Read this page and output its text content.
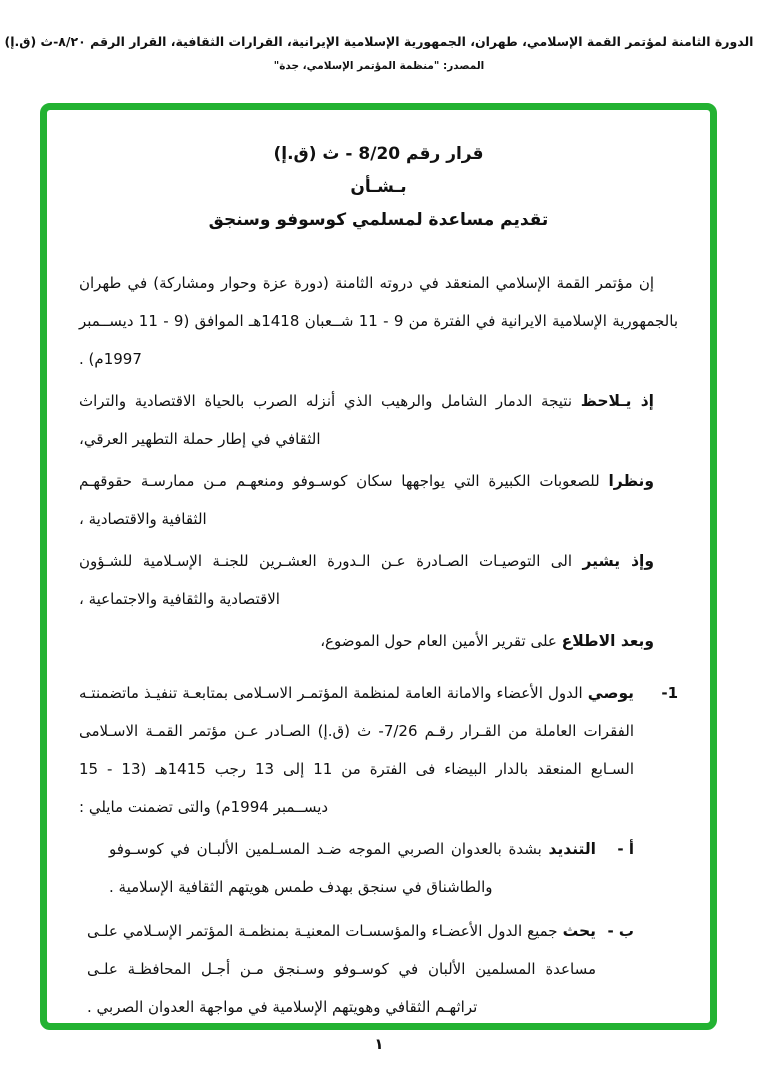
الدورة الثامنة لمؤتمر القمة الإسلامي، طهران، الجمهورية الإسلامية الإيرانية، القرارات الثقافية، القرار الرقم ٨/٢٠-ث (ق.إ)
المصدر: "منظمة المؤتمر الإسلامي، جدة"
قرار رقم 8/20 - ث (ق.إ)
بـشـأن
تقديم مساعدة لمسلمي كوسوفو وسنجق

إن مؤتمر القمة الإسلامي المنعقد في دروته الثامنة (دورة عزة وحوار ومشاركة) في طهران بالجمهورية الإسلامية الايرانية في الفترة من 9 - 11 شــعبان 1418هـ الموافق (9 - 11 ديســمبر 1997م) .

إذ يـلاحظ نتيجة الدمار الشامل والرهيب الذي أنزله الصرب بالحياة الاقتصادية والتراث الثقافي في إطار حملة التطهير العرقي،

ونظرا للصعوبات الكبيرة التي يواجهها سكان كوسـوفو ومنعهـم مـن ممارسـة حقوقهـم الثقافية والاقتصادية ،

وإذ يشير الى التوصيـات الصـادرة عـن الـدورة العشـرين للجنـة الإسـلامية للشـؤون الاقتصادية والثقافية والاجتماعية ،

وبعد الاطلاع على تقرير الأمين العام حول الموضوع،

1-

يوصي الدول الأعضاء والامانة العامة لمنظمة المؤتمـر الاسـلامى بمتابعـة تنفيـذ ماتضمنتـه الفقرات العاملة من القـرار رقـم 7/26- ث (ق.إ) الصـادر عـن مؤتمر القمـة الاسـلامى السـابع المنعقد بالدار البيضاء فى الفترة من 11 إلى 13 رجب 1415هـ (13 - 15 ديســمبر 1994م) والتى تضمنت مايلي :

أ -

التنديد بشدة بالعدوان الصربي الموجه ضـد المسـلمين الألبـان في كوسـوفو والطاشناق في سنجق بهدف طمس هويتهم الثقافية الإسلامية .

ب -

يحث جميع الدول الأعضـاء والمؤسسـات المعنيـة بمنظمـة المؤتمر الإسـلامي علـى مساعدة المسلمين الألبان في كوسـوفو وسـنجق مـن أجـل المحافظـة علـى تراثهـم الثقافي وهويتهم الإسلامية في مواجهة العدوان الصربي .

١
